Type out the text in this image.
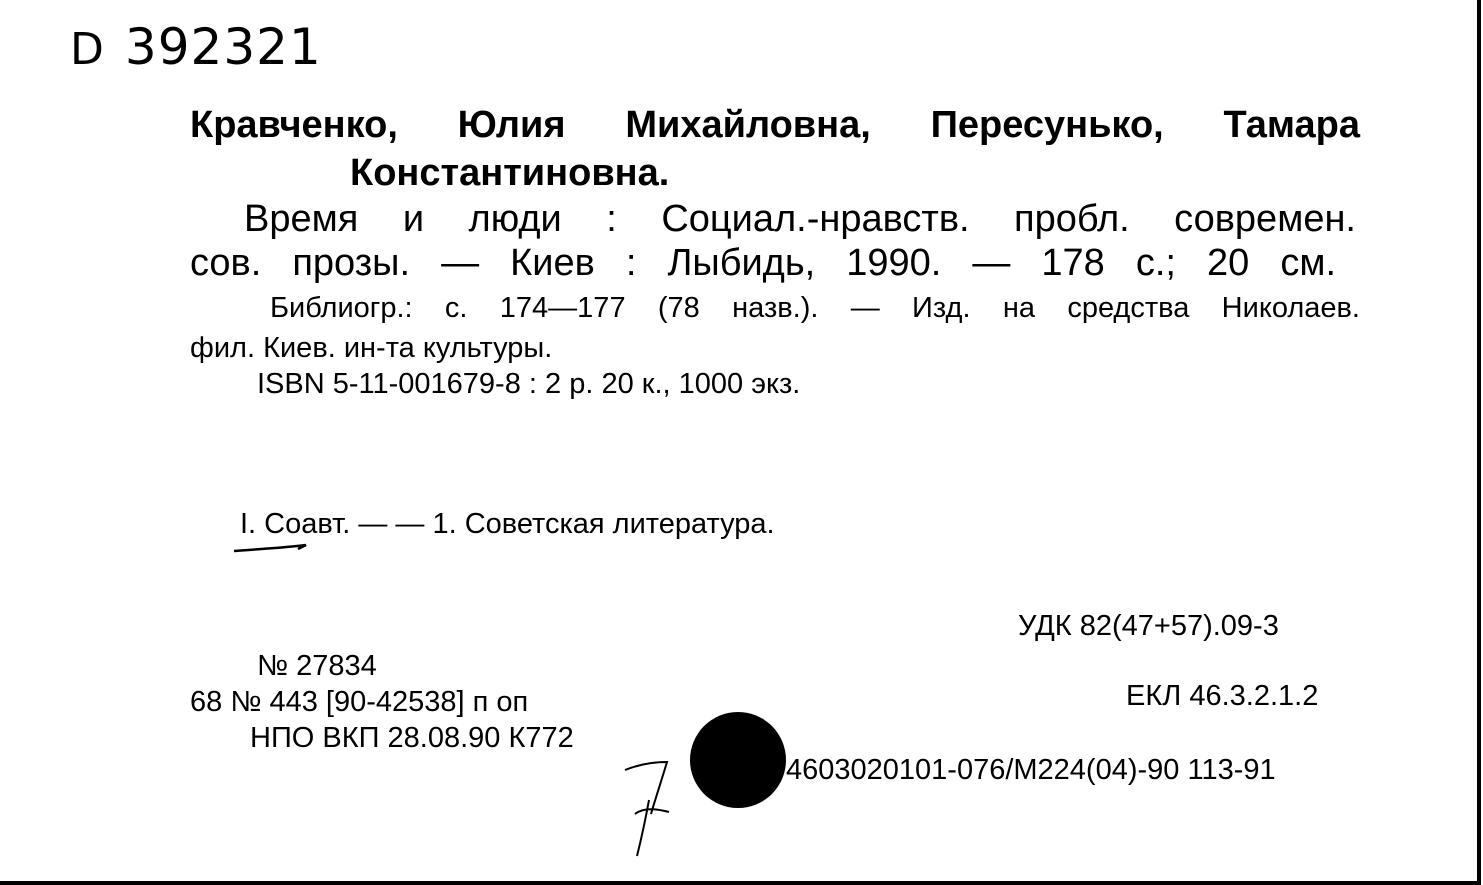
D 392321
Кравченко, Юлия Михайловна, Пересунько, Тамара
Константиновна.
Время и люди : Социал.-нравств. пробл. современ.
сов. прозы. — Киев : Лыбидь, 1990. — 178 с.; 20 см.
Библиогр.: с. 174—177 (78 назв.). — Изд. на средства Николаев.
фил. Киев. ин-та культуры.
ISBN 5-11-001679-8 : 2 р. 20 к., 1000 экз.
I. Соавт. — — 1. Советская литература.
УДК 82(47+57).09-3
№ 27834
68 № 443 [90-42538] п оп	ЕКЛ 46.3.2.1.2
НПО ВКП 28.08.90 К772
4603020101-076/М224(04)-90 113-91
